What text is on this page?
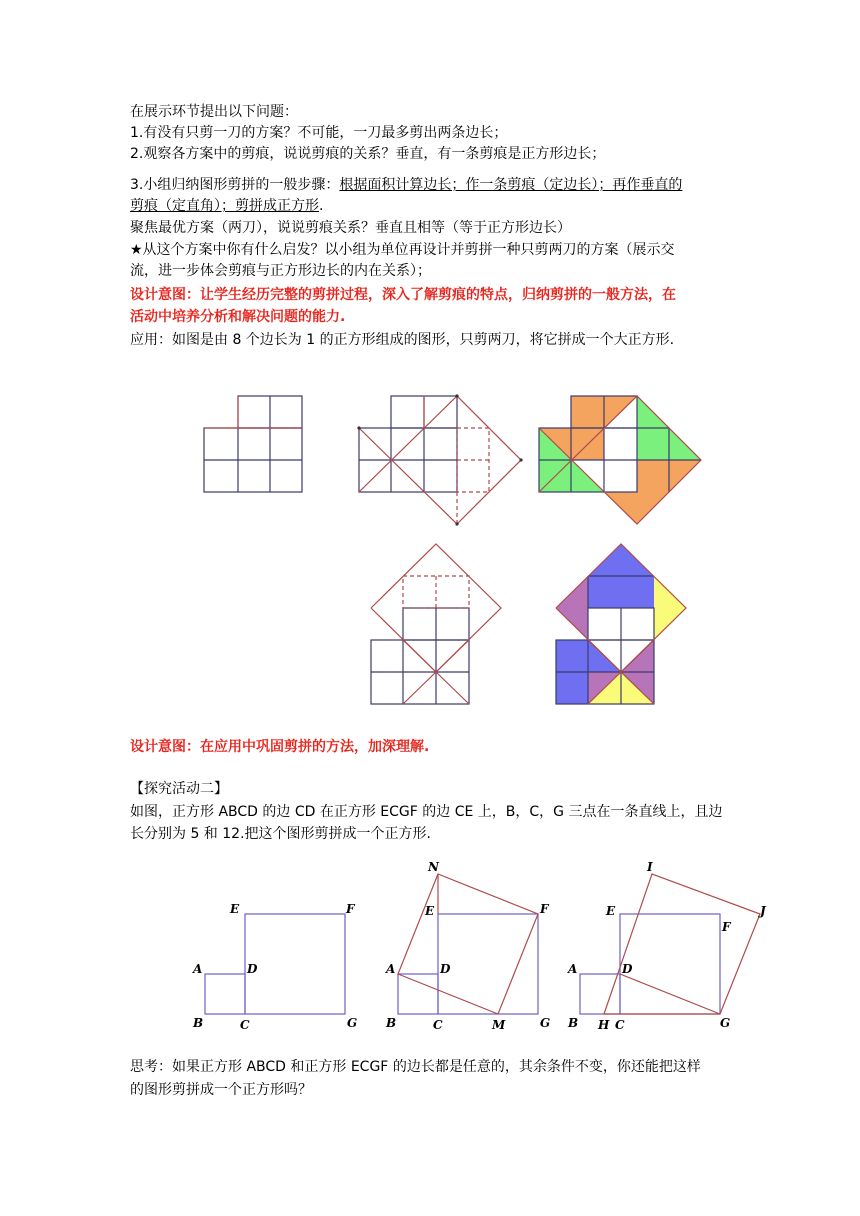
在展示环节提出以下问题：
1.有没有只剪一刀的方案？不可能，一刀最多剪出两条边长；
2.观察各方案中的剪痕，说说剪痕的关系？垂直，有一条剪痕是正方形边长；
3.小组归纳图形剪拼的一般步骤：根据面积计算边长；作一条剪痕（定边长）；再作垂直的
剪痕（定直角）；剪拼成正方形.
聚焦最优方案（两刀），说说剪痕关系？垂直且相等（等于正方形边长）
★从这个方案中你有什么启发？以小组为单位再设计并剪拼一种只剪两刀的方案（展示交
流，进一步体会剪痕与正方形边长的内在关系）；
设计意图：让学生经历完整的剪拼过程，深入了解剪痕的特点，归纳剪拼的一般方法，在
活动中培养分析和解决问题的能力.
应用：如图是由 8 个边长为 1 的正方形组成的图形，只剪两刀，将它拼成一个大正方形.
设计意图：在应用中巩固剪拼的方法，加深理解.
【探究活动二】
如图，正方形 ABCD 的边 CD 在正方形 ECGF 的边 CE 上，B，C，G 三点在一条直线上，且边
长分别为 5 和 12.把这个图形剪拼成一个正方形.
E	F
A	D
B	C	G
N
E	F
A	D
B	C	M	G
I
E	J
F
A	D
B H C	G
思考：如果正方形 ABCD 和正方形 ECGF 的边长都是任意的，其余条件不变，你还能把这样
的图形剪拼成一个正方形吗？
